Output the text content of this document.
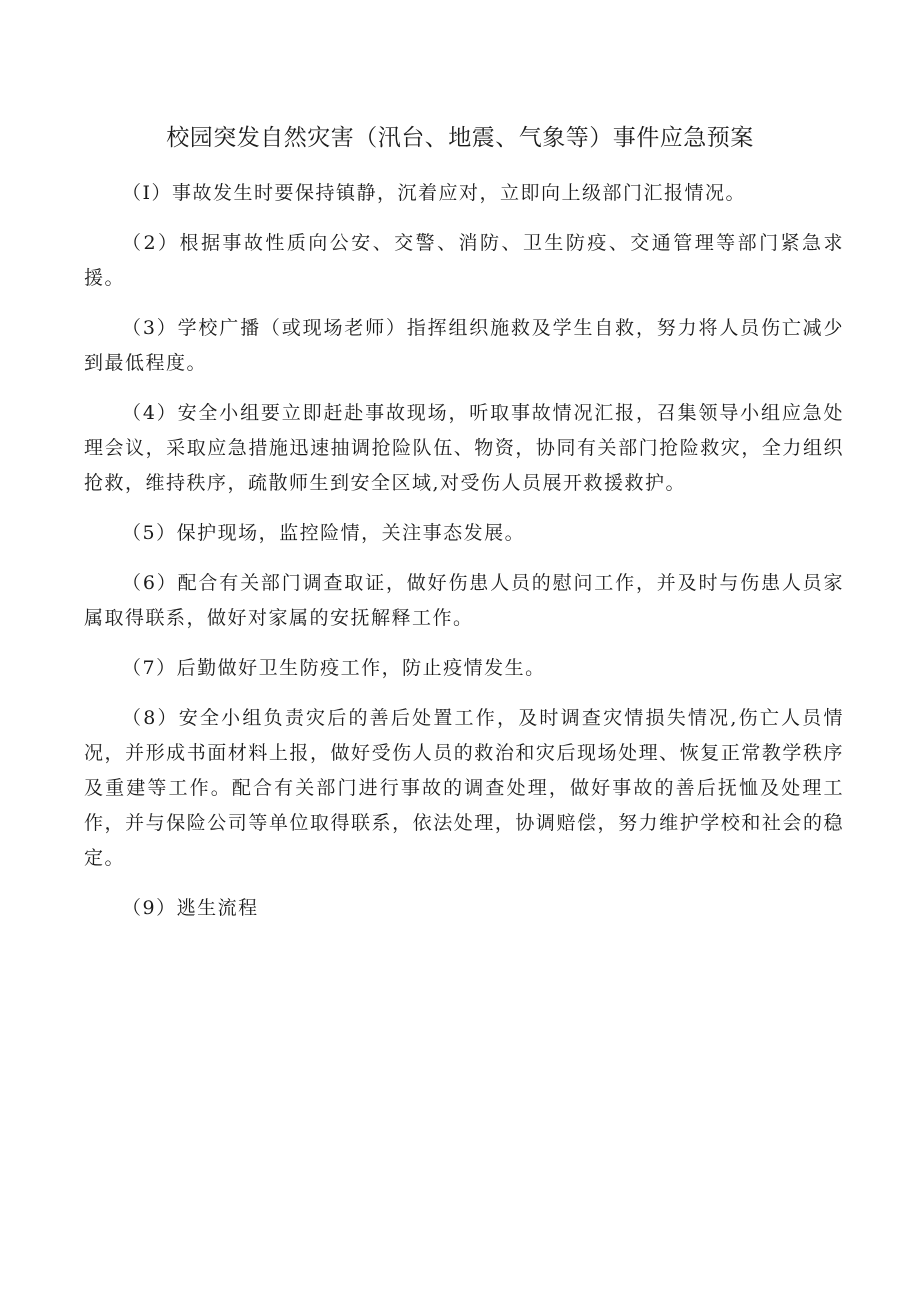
校园突发自然灾害（汛台、地震、气象等）事件应急预案

（I）事故发生时要保持镇静，沉着应对，立即向上级部门汇报情况。

（2）根据事故性质向公安、交警、消防、卫生防疫、交通管理等部门紧急求援。

（3）学校广播（或现场老师）指挥组织施救及学生自救，努力将人员伤亡减少到最低程度。

（4）安全小组要立即赶赴事故现场，听取事故情况汇报，召集领导小组应急处理会议，采取应急措施迅速抽调抢险队伍、物资，协同有关部门抢险救灾，全力组织抢救，维持秩序，疏散师生到安全区域,对受伤人员展开救援救护。

（5）保护现场，监控险情，关注事态发展。

（6）配合有关部门调查取证，做好伤患人员的慰问工作，并及时与伤患人员家属取得联系，做好对家属的安抚解释工作。

（7）后勤做好卫生防疫工作，防止疫情发生。

（8）安全小组负责灾后的善后处置工作，及时调查灾情损失情况,伤亡人员情况，并形成书面材料上报，做好受伤人员的救治和灾后现场处理、恢复正常教学秩序及重建等工作。配合有关部门进行事故的调查处理，做好事故的善后抚恤及处理工作，并与保险公司等单位取得联系，依法处理，协调赔偿，努力维护学校和社会的稳定。

（9）逃生流程
